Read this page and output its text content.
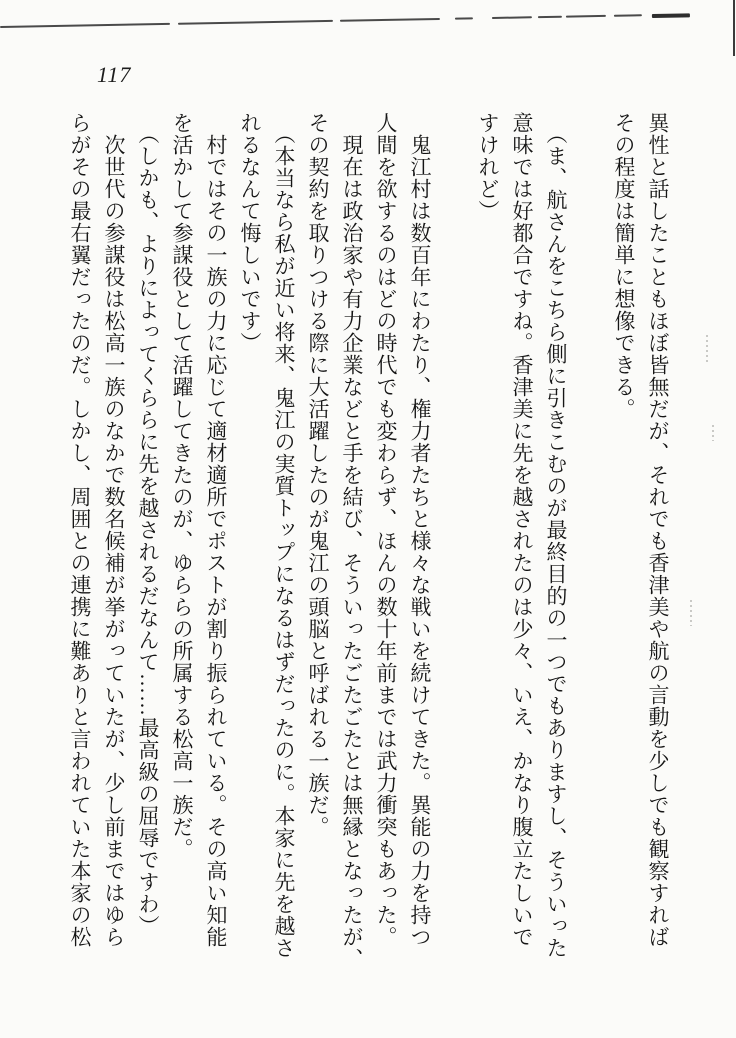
117
異性と話したこともほぼ皆無だが、それでも香津美や航の言動を少しでも観察すれば
その程度は簡単に想像できる。
（ま、航さんをこちら側に引きこむのが最終目的の一つでもありますし、そういった
意味では好都合ですね。香津美に先を越されたのは少々、いえ、かなり腹立たしいで
すけれど）
鬼江村は数百年にわたり、権力者たちと様々な戦いを続けてきた。異能の力を持つ
人間を欲するのはどの時代でも変わらず、ほんの数十年前までは武力衝突もあった。
現在は政治家や有力企業などと手を結び、そういったごたごたとは無縁となったが、
その契約を取りつける際に大活躍したのが鬼江の頭脳と呼ばれる一族だ。
（本当なら私が近い将来、鬼江の実質トップになるはずだったのに。本家に先を越さ
れるなんて悔しいです）
村ではその一族の力に応じて適材適所でポストが割り振られている。その高い知能
を活かして参謀役として活躍してきたのが、ゆららの所属する松高一族だ。
（しかも、よりによってくららに先を越されるだなんて……最高級の屈辱ですわ）
次世代の参謀役は松高一族のなかで数名候補が挙がっていたが、少し前まではゆら
らがその最右翼だったのだ。しかし、周囲との連携に難ありと言われていた本家の松
